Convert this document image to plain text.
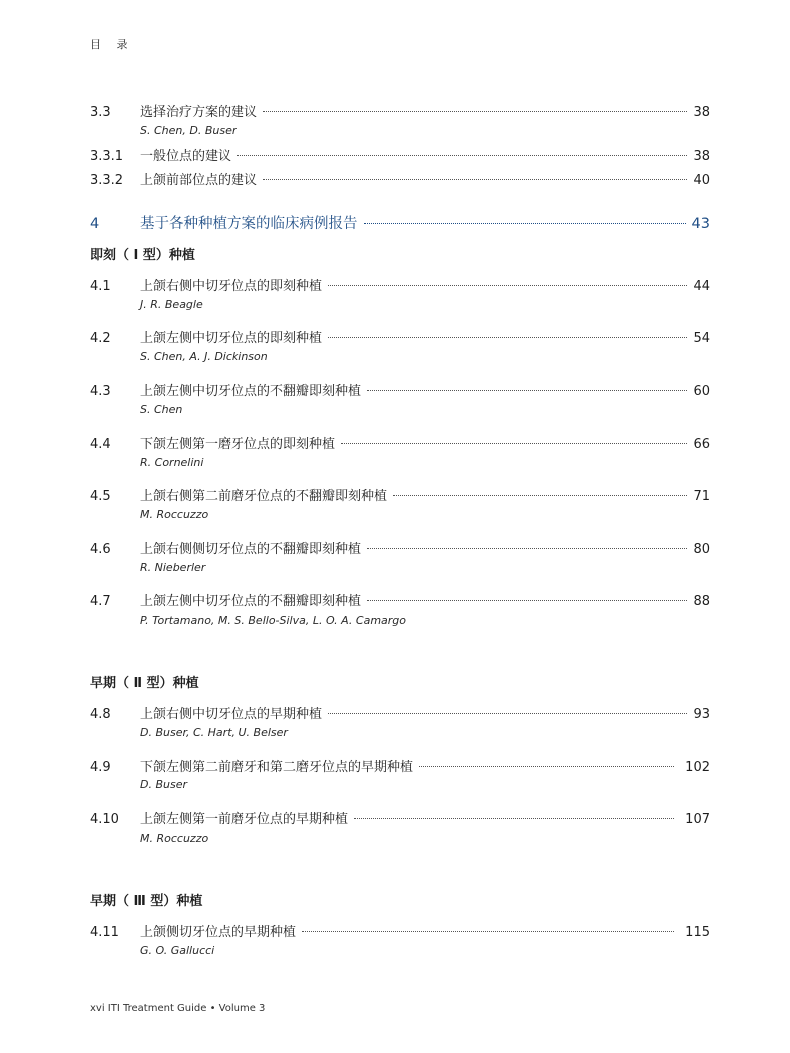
目 录
3.3	选择治疗方案的建议	38
S. Chen, D. Buser
3.3.1	一般位点的建议	38
3.3.2	上颌前部位点的建议	40
4	基于各种种植方案的临床病例报告	43
即刻（ Ⅰ 型）种植
4.1	上颌右侧中切牙位点的即刻种植	44
J. R. Beagle
4.2	上颌左侧中切牙位点的即刻种植	54
S. Chen, A. J. Dickinson
4.3	上颌左侧中切牙位点的不翻瓣即刻种植	60
S. Chen
4.4	下颌左侧第一磨牙位点的即刻种植	66
R. Cornelini
4.5	上颌右侧第二前磨牙位点的不翻瓣即刻种植	71
M. Roccuzzo
4.6	上颌右侧侧切牙位点的不翻瓣即刻种植	80
R. Nieberler
4.7	上颌左侧中切牙位点的不翻瓣即刻种植	88
P. Tortamano, M. S. Bello-Silva, L. O. A. Camargo
早期（ Ⅱ 型）种植
4.8	上颌右侧中切牙位点的早期种植	93
D. Buser, C. Hart, U. Belser
4.9	下颌左侧第二前磨牙和第二磨牙位点的早期种植	102
D. Buser
4.10	上颌左侧第一前磨牙位点的早期种植	107
M. Roccuzzo
早期（ Ⅲ 型）种植
4.11	上颌侧切牙位点的早期种植	115
G. O. Gallucci
xvi ITI Treatment Guide • Volume 3
